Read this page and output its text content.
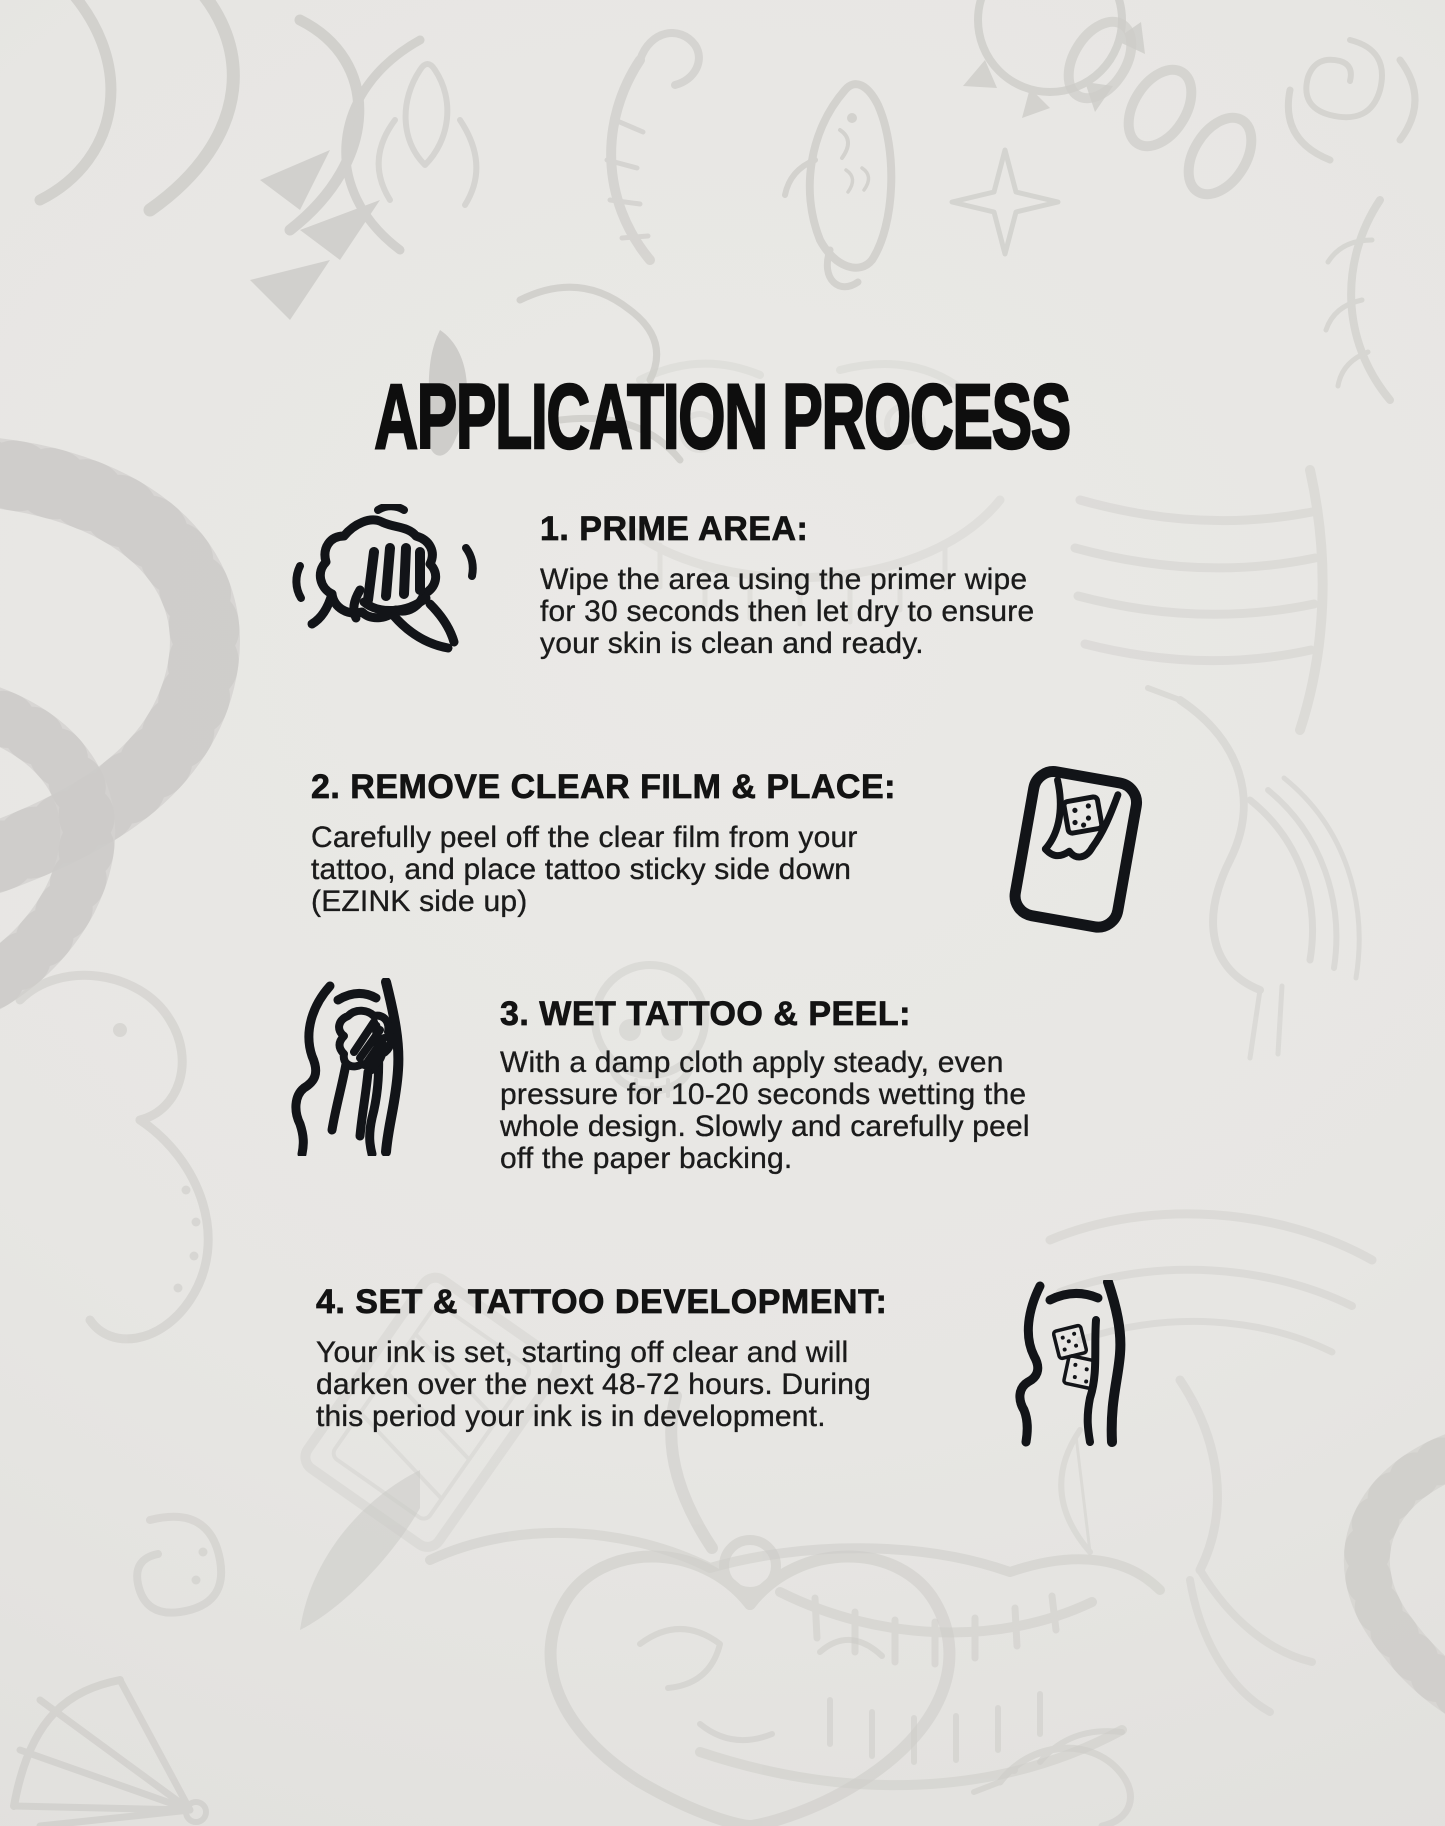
APPLICATION PROCESS
1. PRIME AREA:
Wipe the area using the primer wipe
for 30 seconds then let dry to ensure
your skin is clean and ready.
2. REMOVE CLEAR FILM & PLACE:
Carefully peel off the clear film from your
tattoo, and place tattoo sticky side down
(EZINK side up)
3. WET TATTOO & PEEL:
With a damp cloth apply steady, even
pressure for 10-20 seconds wetting the
whole design. Slowly and carefully peel
off the paper backing.
4. SET & TATTOO DEVELOPMENT:
Your ink is set, starting off clear and will
darken over the next 48-72 hours. During
this period your ink is in development.
